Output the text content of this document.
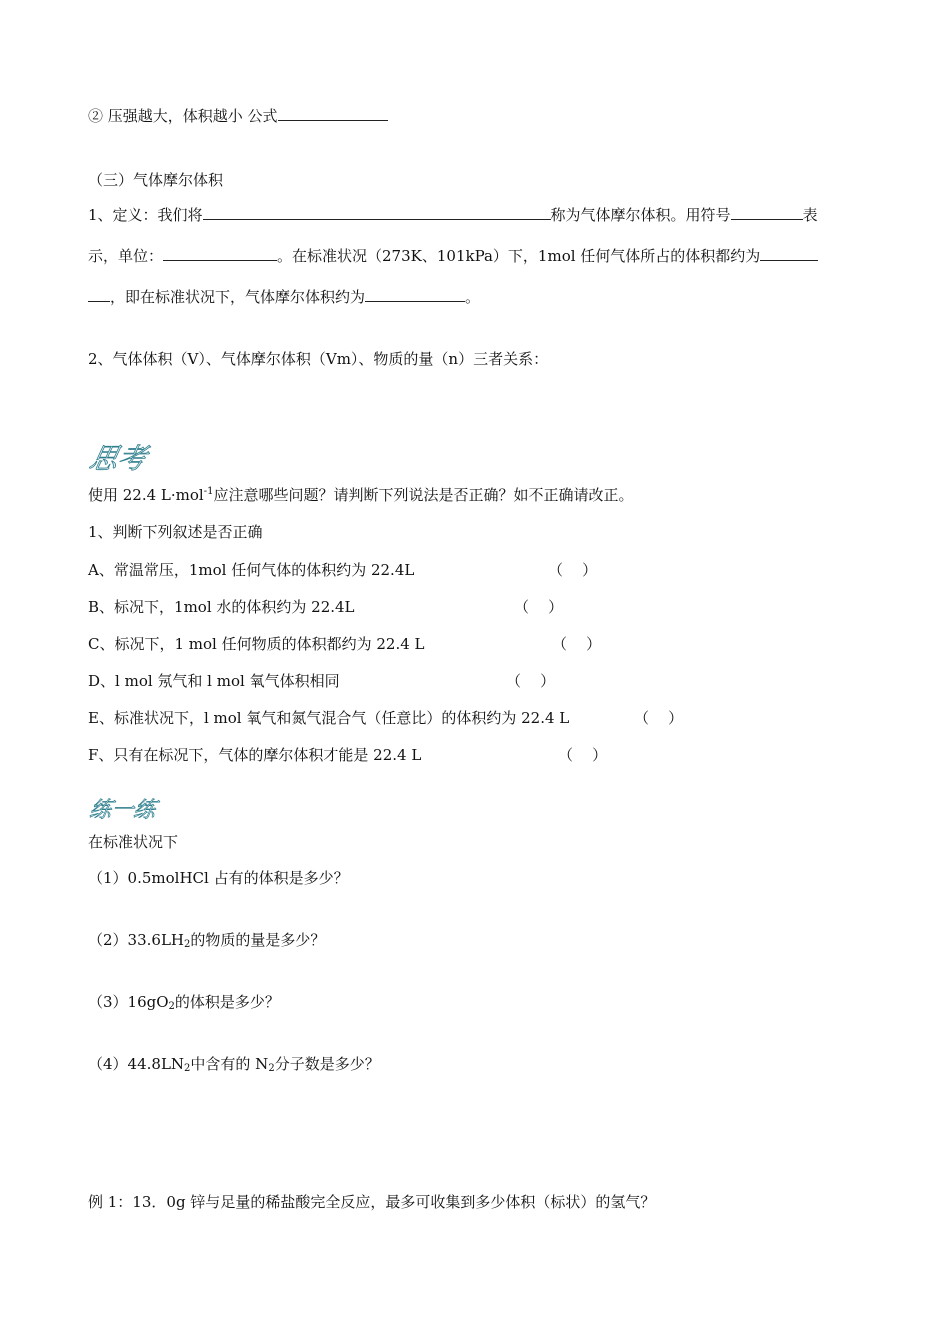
② 压强越大，体积越小 公式
（三）气体摩尔体积
1、定义：我们将	称为气体摩尔体积。用符号	表
示，单位：	。在标准状况（273K、101kPa）下，1mol 任何气体所占的体积都约为
，即在标准状况下，气体摩尔体积约为	。
2、气体体积（V）、气体摩尔体积（Vm）、物质的量（n）三者关系：
思考
使用 22.4 L·mol$^{-1}$应注意哪些问题？请判断下列说法是否正确？如不正确请改正。
1、判断下列叙述是否正确
A、常温常压，1mol 任何气体的体积约为 22.4L	（    ）
B、标况下，1mol 水的体积约为 22.4L	（    ）
C、标况下，1 mol 任何物质的体积都约为 22.4 L	（    ）
D、l mol 氖气和 l mol 氧气体积相同	（    ）
E、标准状况下，l mol 氧气和氮气混合气（任意比）的体积约为 22.4 L	（    ）
F、只有在标况下，气体的摩尔体积才能是 22.4 L	（    ）
练一练
在标准状况下
（1）0.5molHCl 占有的体积是多少？
$(2)33.6LH_2$的物质的量是多少？
$(3)16gO_2$的体积是多少？
$(4)44.8LN_2$中含有的 $N_2$分子数是多少？
例 1：13．0g 锌与足量的稀盐酸完全反应，最多可收集到多少体积（标状）的氢气？
